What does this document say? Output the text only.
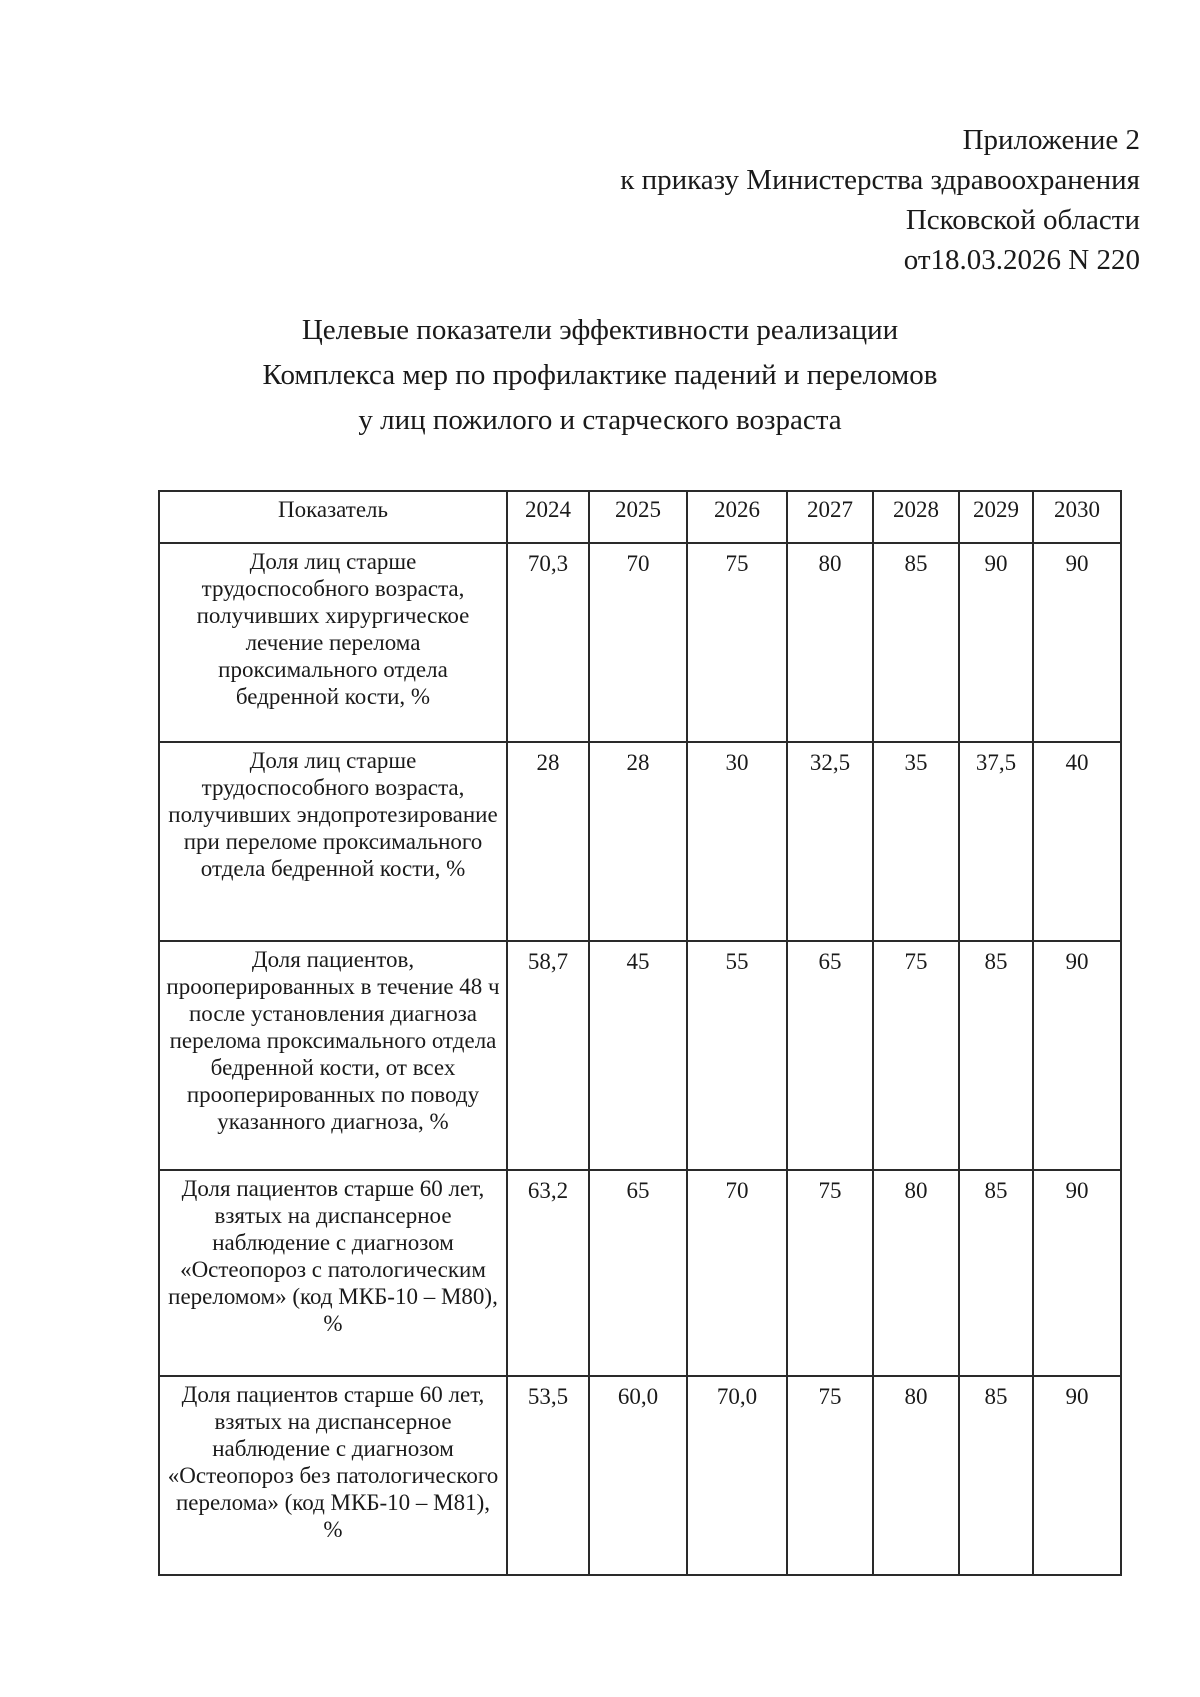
Приложение 2
к приказу Министерства здравоохранения
Псковской области
от18.03.2026 N 220
Целевые показатели эффективности реализации
Комплекса мер по профилактике падений и переломов
у лиц пожилого и старческого возраста
Показатель	2024	2025	2026	2027	2028	2029	2030
Доля лиц старше трудоспособного возраста, получивших хирургическое лечение перелома проксимального отдела бедренной кости, %	70,3	70	75	80	85	90	90
Доля лиц старше трудоспособного возраста, получивших эндопротезирование при переломе проксимального отдела бедренной кости, %	28	28	30	32,5	35	37,5	40
Доля пациентов, прооперированных в течение 48 ч после установления диагноза перелома проксимального отдела бедренной кости, от всех прооперированных по поводу указанного диагноза, %	58,7	45	55	65	75	85	90
Доля пациентов старше 60 лет, взятых на диспансерное наблюдение с диагнозом «Остеопороз с патологическим переломом» (код МКБ-10 – М80), %	63,2	65	70	75	80	85	90
Доля пациентов старше 60 лет, взятых на диспансерное наблюдение с диагнозом «Остеопороз без патологического перелома» (код МКБ-10 – М81), %	53,5	60,0	70,0	75	80	85	90
